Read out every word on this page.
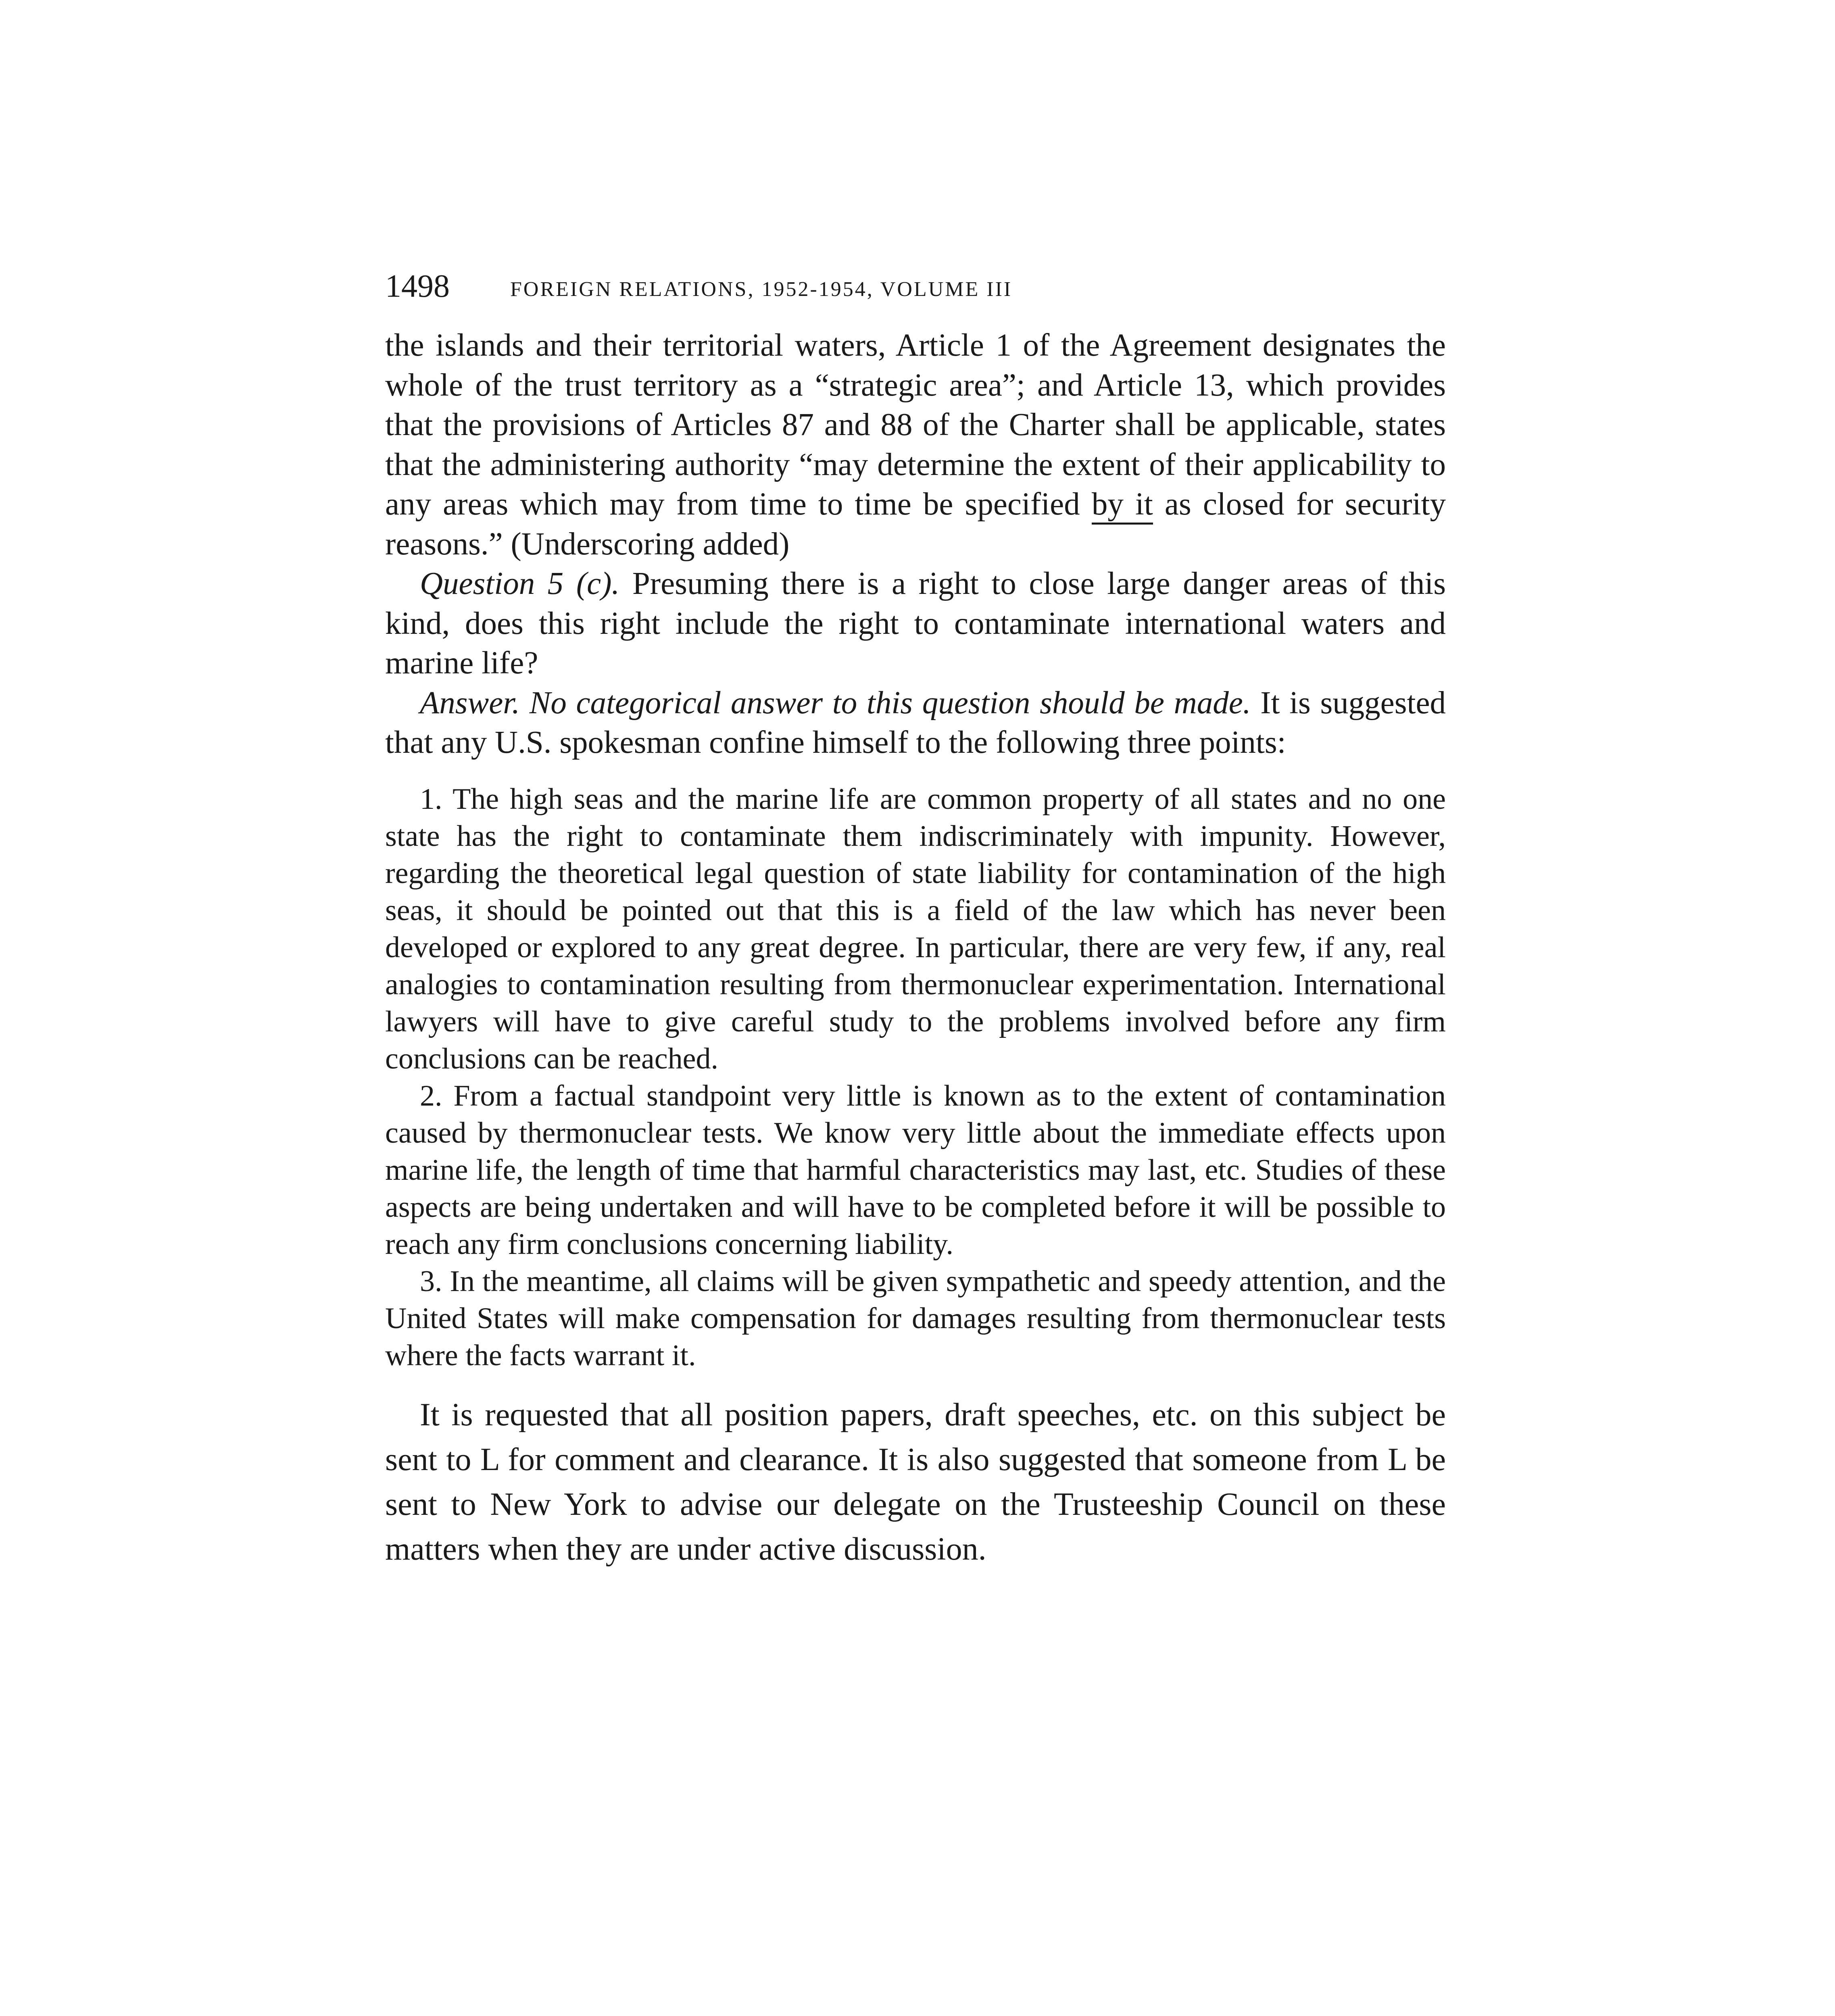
1498	FOREIGN RELATIONS, 1952-1954, VOLUME III

the islands and their territorial waters, Article 1 of the Agreement designates the whole of the trust territory as a “strategic area”; and Article 13, which provides that the provisions of Articles 87 and 88 of the Charter shall be applicable, states that the administering authority “may determine the extent of their applicability to any areas which may from time to time be specified by it as closed for security reasons.” (Underscoring added)

Question 5 (c). Presuming there is a right to close large danger areas of this kind, does this right include the right to contaminate international waters and marine life?

Answer. No categorical answer to this question should be made. It is suggested that any U.S. spokesman confine himself to the following three points:

1. The high seas and the marine life are common property of all states and no one state has the right to contaminate them indiscriminately with impunity. However, regarding the theoretical legal question of state liability for contamination of the high seas, it should be pointed out that this is a field of the law which has never been developed or explored to any great degree. In particular, there are very few, if any, real analogies to contamination resulting from thermonuclear experimentation. International lawyers will have to give careful study to the problems involved before any firm conclusions can be reached.

2. From a factual standpoint very little is known as to the extent of contamination caused by thermonuclear tests. We know very little about the immediate effects upon marine life, the length of time that harmful characteristics may last, etc. Studies of these aspects are being undertaken and will have to be completed before it will be possible to reach any firm conclusions concerning liability.

3. In the meantime, all claims will be given sympathetic and speedy attention, and the United States will make compensation for damages resulting from thermonuclear tests where the facts warrant it.

It is requested that all position papers, draft speeches, etc. on this subject be sent to L for comment and clearance. It is also suggested that someone from L be sent to New York to advise our delegate on the Trusteeship Council on these matters when they are under active discussion.
